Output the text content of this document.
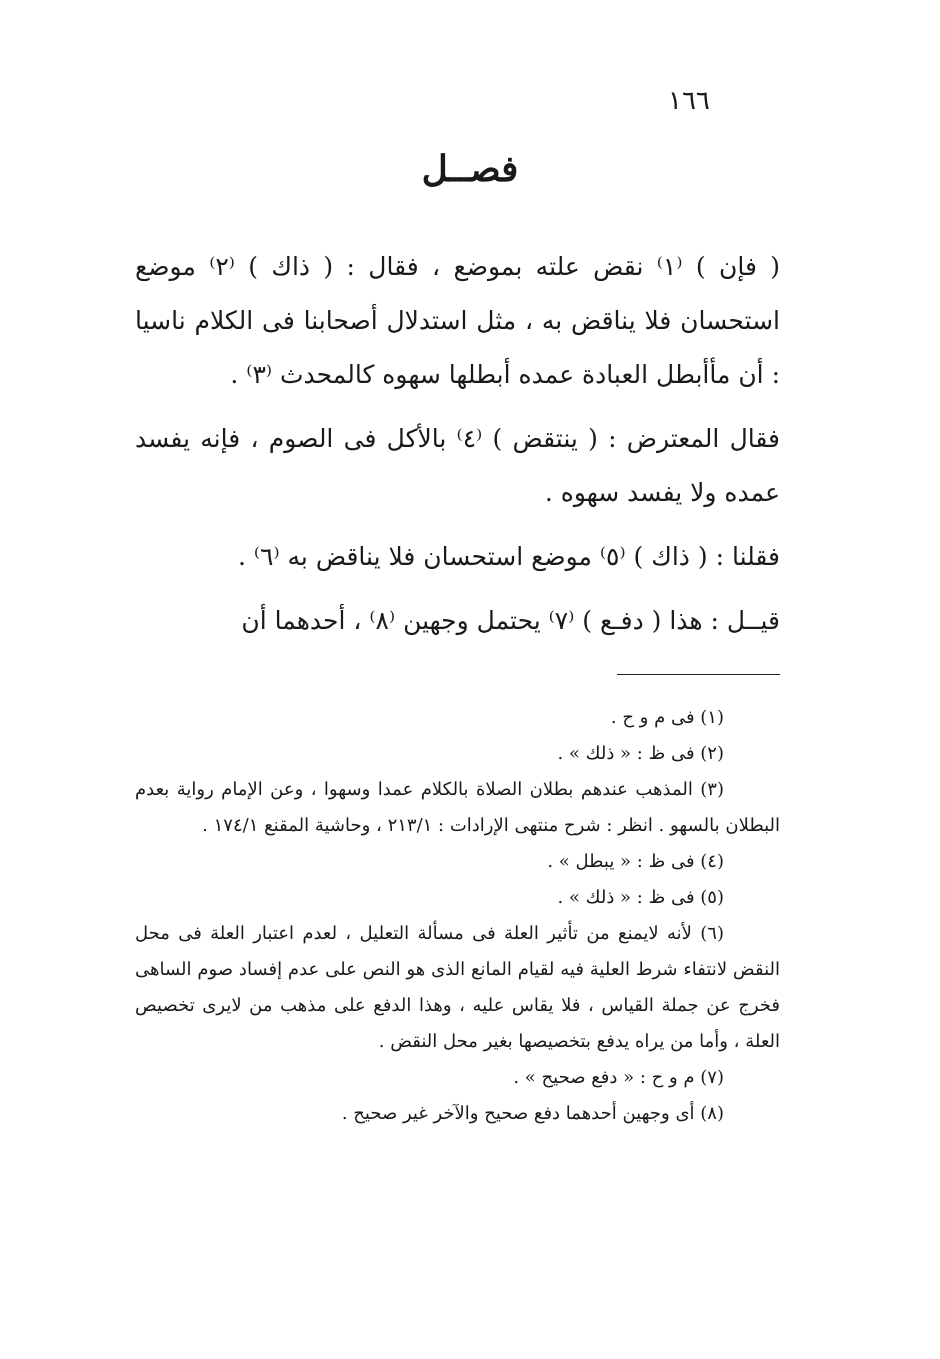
١٦٦
فصــل

( فإن ) ⁽١⁾ نقض علته بموضع ، فقال : ( ذاك ) ⁽٢⁾ موضع استحسان فلا يناقض به ، مثل استدلال أصحابنا فى الكلام ناسيا : أن مأأبطل العبادة عمده أبطلها سهوه كالمحدث ⁽٣⁾ .

فقال المعترض : ( ينتقض ) ⁽٤⁾ بالأكل فى الصوم ، فإنه يفسد عمده ولا يفسد سهوه .

فقلنا : ( ذاك ) ⁽٥⁾ موضع استحسان فلا يناقض به ⁽٦⁾ .

قيــل : هذا ( دفـع ) ⁽٧⁾ يحتمل وجهين ⁽٨⁾ ، أحدهما أن

(١) فى م و ح .

(٢) فى ظ : « ذلك » .

(٣) المذهب عندهم بطلان الصلاة بالكلام عمدا وسهوا ، وعن الإمام رواية بعدم البطلان بالسهو . انظر : شرح منتهى الإرادات : ٢١٣/١ ، وحاشية المقنع ١٧٤/١ .

(٤) فى ظ : « يبطل » .

(٥) فى ظ : « ذلك » .

(٦) لأنه لايمنع من تأثير العلة فى مسألة التعليل ، لعدم اعتبار العلة فى محل النقض لانتفاء شرط العلية فيه لقيام المانع الذى هو النص على عدم إفساد صوم الساهى فخرج عن جملة القياس ، فلا يقاس عليه ، وهذا الدفع على مذهب من لايرى تخصيص العلة ، وأما من يراه يدفع بتخصيصها بغير محل النقض .

(٧) م و ح : « دفع صحيح » .

(٨) أى وجهين أحدهما دفع صحيح والآخر غير صحيح .
